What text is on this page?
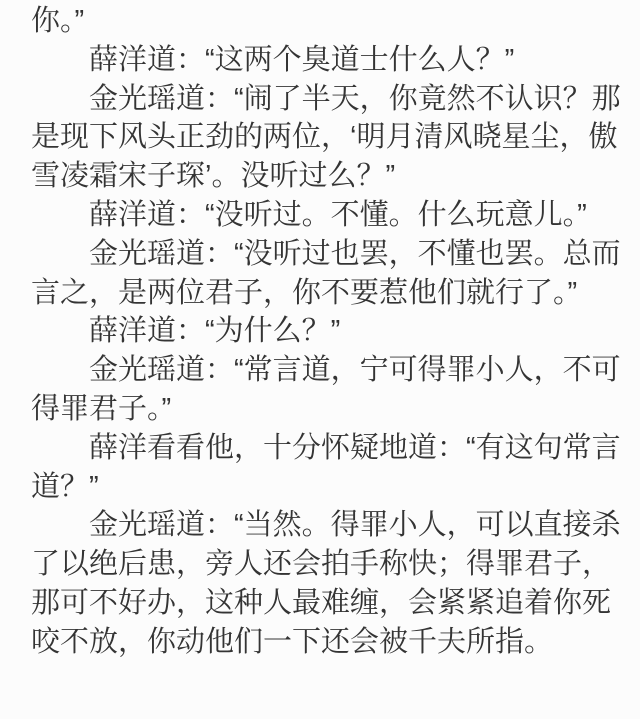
你。”

薛洋道：“这两个臭道士什么人？”

金光瑶道：“闹了半天，你竟然不认识？那是现下风头正劲的两位，‘明月清风晓星尘，傲雪凌霜宋子琛’。没听过么？”

薛洋道：“没听过。不懂。什么玩意儿。”

金光瑶道：“没听过也罢，不懂也罢。总而言之，是两位君子，你不要惹他们就行了。”

薛洋道：“为什么？”

金光瑶道：“常言道，宁可得罪小人，不可得罪君子。”

薛洋看看他，十分怀疑地道：“有这句常言道？”

金光瑶道：“当然。得罪小人，可以直接杀了以绝后患，旁人还会拍手称快；得罪君子，那可不好办，这种人最难缠，会紧紧追着你死咬不放，你动他们一下还会被千夫所指。
